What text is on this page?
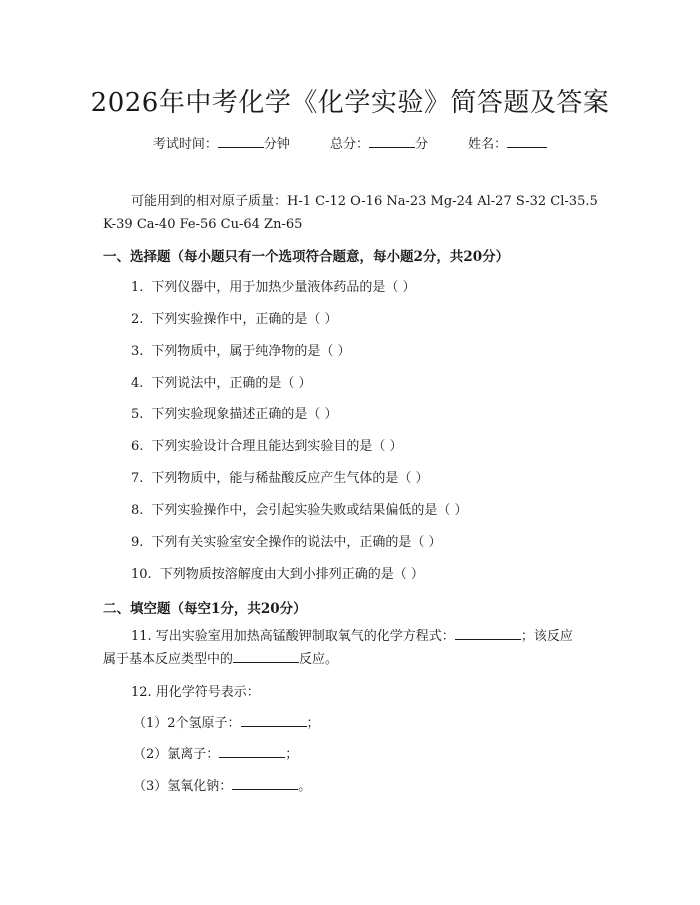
2026年中考化学《化学实验》简答题及答案
考试时间：	分钟	总分：	分	姓名：
可能用到的相对原子质量：H-1 C-12 O-16 Na-23 Mg-24 Al-27 S-32 Cl-35.5 K-39 Ca-40 Fe-56 Cu-64 Zn-65
一、选择题（每小题只有一个选项符合题意，每小题2分，共20分）
1. 下列仪器中，用于加热少量液体药品的是（ ）
2. 下列实验操作中，正确的是（ ）
3. 下列物质中，属于纯净物的是（ ）
4. 下列说法中，正确的是（ ）
5. 下列实验现象描述正确的是（ ）
6. 下列实验设计合理且能达到实验目的是（ ）
7. 下列物质中，能与稀盐酸反应产生气体的是（ ）
8. 下列实验操作中，会引起实验失败或结果偏低的是（ ）
9. 下列有关实验室安全操作的说法中，正确的是（ ）
10. 下列物质按溶解度由大到小排列正确的是（ ）
二、填空题（每空1分，共20分）
11. 写出实验室用加热高锰酸钾制取氧气的化学方程式：	；该反应
属于基本反应类型中的	反应。
12. 用化学符号表示：
（1）2个氢原子：	；
（2）氯离子：	；
（3）氢氧化钠：	。
